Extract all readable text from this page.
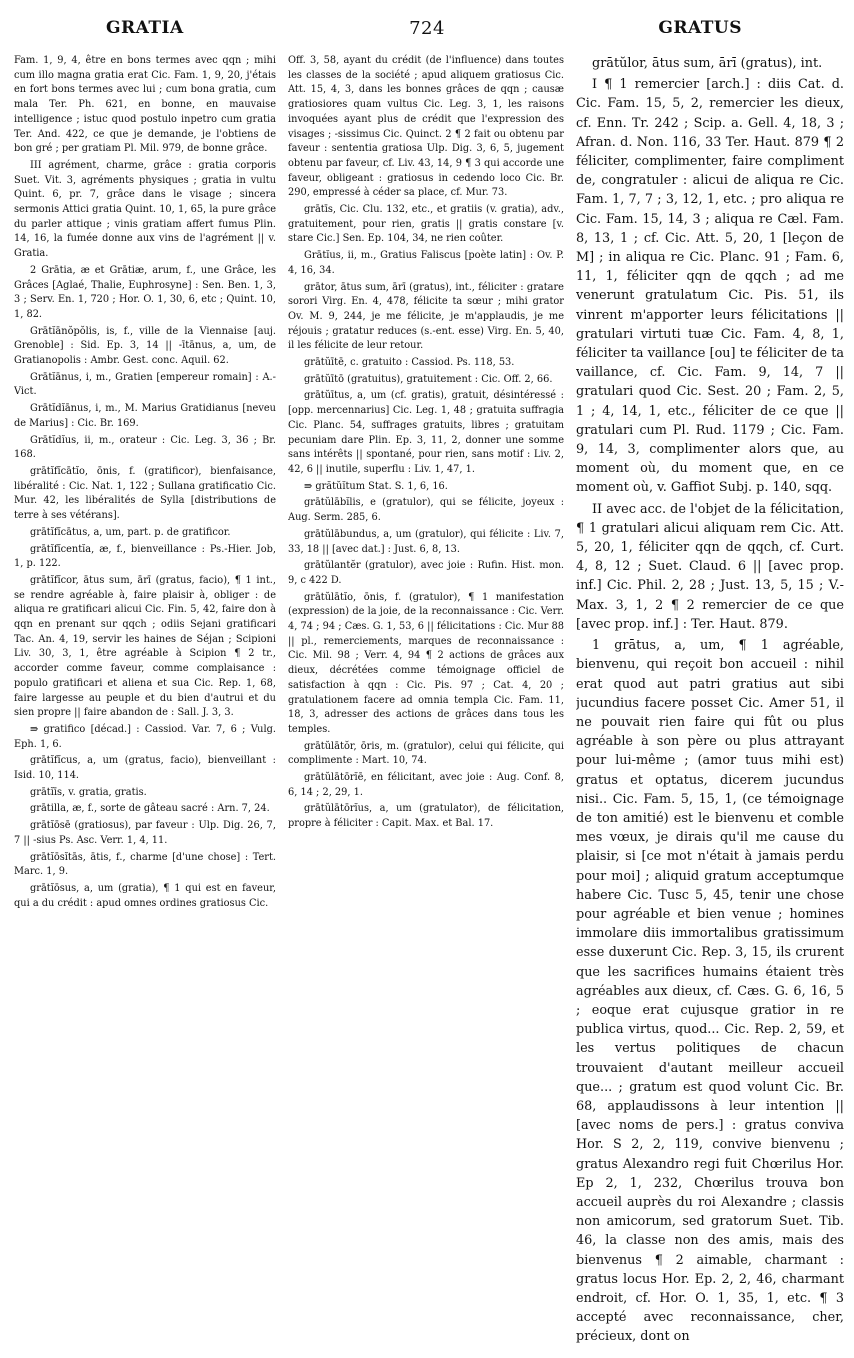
GRATIA	724	GRATUS

Fam. 1, 9, 4, être en bons termes avec qqn ; mihi cum illo magna gratia erat Cic. Fam. 1, 9, 20, j'étais en fort bons termes avec lui ; cum bona gratia, cum mala Ter. Ph. 621, en bonne, en mauvaise intelligence ; istuc quod postulo inpetro cum gratia Ter. And. 422, ce que je demande, je l'obtiens de bon gré ; per gratiam Pl. Mil. 979, de bonne grâce.

III agrément, charme, grâce : gratia corporis Suet. Vit. 3, agréments physiques ; gratia in vultu Quint. 6, pr. 7, grâce dans le visage ; sincera sermonis Attici gratia Quint. 10, 1, 65, la pure grâce du parler attique ; vinis gratiam affert fumus Plin. 14, 16, la fumée donne aux vins de l'agrément || v. Gratia.

2 Grātia, æ et Grātiæ, arum, f., une Grâce, les Grâces [Aglaé, Thalie, Euphrosyne] : Sen. Ben. 1, 3, 3 ; Serv. En. 1, 720 ; Hor. O. 1, 30, 6, etc ; Quint. 10, 1, 82.

Grātĭānŏpŏlis, is, f., ville de la Viennaise [auj. Grenoble] : Sid. Ep. 3, 14 || -ītānus, a, um, de Gratianopolis : Ambr. Gest. conc. Aquil. 62.

Grātĭānus, i, m., Gratien [empereur romain] : A.-Vict.

Grātĭdĭānus, i, m., M. Marius Gratidianus [neveu de Marius] : Cic. Br. 169.

Grātĭdĭus, ii, m., orateur : Cic. Leg. 3, 36 ; Br. 168.

grātĭfĭcātĭo, ōnis, f. (gratificor), bienfaisance, libéralité : Cic. Nat. 1, 122 ; Sullana gratificatio Cic. Mur. 42, les libéralités de Sylla [distributions de terre à ses vétérans].

grātĭfĭcātus, a, um, part. p. de gratificor.

grātĭfĭcentĭa, æ, f., bienveillance : Ps.-Hier. Job, 1, p. 122.

grātĭfĭcor, ātus sum, ārī (gratus, facio), ¶ 1 int., se rendre agréable à, faire plaisir à, obliger : de aliqua re gratificari alicui Cic. Fin. 5, 42, faire don à qqn en prenant sur qqch ; odiis Sejani gratificari Tac. An. 4, 19, servir les haines de Séjan ; Scipioni Liv. 30, 3, 1, être agréable à Scipion ¶ 2 tr., accorder comme faveur, comme complaisance : populo gratificari et aliena et sua Cic. Rep. 1, 68, faire largesse au peuple et du bien d'autrui et du sien propre || faire abandon de : Sall. J. 3, 3.

⇛ gratifico [décad.] : Cassiod. Var. 7, 6 ; Vulg. Eph. 1, 6.

grātĭfĭcus, a, um (gratus, facio), bienveillant : Isid. 10, 114.

grātĭīs, v. gratia, gratis.

grātilla, æ, f., sorte de gâteau sacré : Arn. 7, 24.

grātĭōsē (gratiosus), par faveur : Ulp. Dig. 26, 7, 7 || -sius Ps. Asc. Verr. 1, 4, 11.

grātĭōsĭtās, ātis, f., charme [d'une chose] : Tert. Marc. 1, 9.

grātĭōsus, a, um (gratia), ¶ 1 qui est en faveur, qui a du crédit : apud omnes ordines gratiosus Cic.

Off. 3, 58, ayant du crédit (de l'influence) dans toutes les classes de la société ; apud aliquem gratiosus Cic. Att. 15, 4, 3, dans les bonnes grâces de qqn ; causæ gratiosiores quam vultus Cic. Leg. 3, 1, les raisons invoquées ayant plus de crédit que l'expression des visages ; -sissimus Cic. Quinct. 2 ¶ 2 fait ou obtenu par faveur : sententia gratiosa Ulp. Dig. 3, 6, 5, jugement obtenu par faveur, cf. Liv. 43, 14, 9 ¶ 3 qui accorde une faveur, obligeant : gratiosus in cedendo loco Cic. Br. 290, empressé à céder sa place, cf. Mur. 73.

grātīs, Cic. Clu. 132, etc., et gratiis (v. gratia), adv., gratuitement, pour rien, gratis || gratis constare [v. stare Cic.] Sen. Ep. 104, 34, ne rien coûter.

Grātĭus, ii, m., Gratius Faliscus [poète latin] : Ov. P. 4, 16, 34.

grātor, ātus sum, ārī (gratus), int., féliciter : gratare sorori Virg. En. 4, 478, félicite ta sœur ; mihi grator Ov. M. 9, 244, je me félicite, je m'applaudis, je me réjouis ; gratatur reduces (s.-ent. esse) Virg. En. 5, 40, il les félicite de leur retour.

grātŭītē, c. gratuito : Cassiod. Ps. 118, 53.

grātŭītō (gratuitus), gratuitement : Cic. Off. 2, 66.

grātŭītus, a, um (cf. gratis), gratuit, désintéressé : [opp. mercennarius] Cic. Leg. 1, 48 ; gratuita suffragia Cic. Planc. 54, suffrages gratuits, libres ; gratuitam pecuniam dare Plin. Ep. 3, 11, 2, donner une somme sans intérêts || spontané, pour rien, sans motif : Liv. 2, 42, 6 || inutile, superflu : Liv. 1, 47, 1.

⇛ grătŭĭtum Stat. S. 1, 6, 16.

grātŭlābĭlis, e (gratulor), qui se félicite, joyeux : Aug. Serm. 285, 6.

grātŭlābundus, a, um (gratulor), qui félicite : Liv. 7, 33, 18 || [avec dat.] : Just. 6, 8, 13.

grātŭlantĕr (gratulor), avec joie : Rufin. Hist. mon. 9, c 422 D.

grātŭlātĭo, ōnis, f. (gratulor), ¶ 1 manifestation (expression) de la joie, de la reconnaissance : Cic. Verr. 4, 74 ; 94 ; Cæs. G. 1, 53, 6 || félicitations : Cic. Mur 88 || pl., remerciements, marques de reconnaissance : Cic. Mil. 98 ; Verr. 4, 94 ¶ 2 actions de grâces aux dieux, décrétées comme témoignage officiel de satisfaction à qqn : Cic. Pis. 97 ; Cat. 4, 20 ; gratulationem facere ad omnia templa Cic. Fam. 11, 18, 3, adresser des actions de grâces dans tous les temples.

grātŭlātŏr, ōris, m. (gratulor), celui qui félicite, qui complimente : Mart. 10, 74.

grātŭlātōrĭē, en félicitant, avec joie : Aug. Conf. 8, 6, 14 ; 2, 29, 1.

grātŭlātōrĭus, a, um (gratulator), de félicitation, propre à féliciter : Capit. Max. et Bal. 17.

grātŭlor, ātus sum, ārī (gratus), int.

I ¶ 1 remercier [arch.] : diis Cat. d. Cic. Fam. 15, 5, 2, remercier les dieux, cf. Enn. Tr. 242 ; Scip. a. Gell. 4, 18, 3 ; Afran. d. Non. 116, 33 Ter. Haut. 879 ¶ 2 féliciter, complimenter, faire compliment de, congratuler : alicui de aliqua re Cic. Fam. 1, 7, 7 ; 3, 12, 1, etc. ; pro aliqua re Cic. Fam. 15, 14, 3 ; aliqua re Cæl. Fam. 8, 13, 1 ; cf. Cic. Att. 5, 20, 1 [leçon de M] ; in aliqua re Cic. Planc. 91 ; Fam. 6, 11, 1, féliciter qqn de qqch ; ad me venerunt gratulatum Cic. Pis. 51, ils vinrent m'apporter leurs félicitations || gratulari virtuti tuæ Cic. Fam. 4, 8, 1, féliciter ta vaillance [ou] te féliciter de ta vaillance, cf. Cic. Fam. 9, 14, 7 || gratulari quod Cic. Sest. 20 ; Fam. 2, 5, 1 ; 4, 14, 1, etc., féliciter de ce que || gratulari cum Pl. Rud. 1179 ; Cic. Fam. 9, 14, 3, complimenter alors que, au moment où, du moment que, en ce moment où, v. Gaffiot Subj. p. 140, sqq.

II avec acc. de l'objet de la félicitation, ¶ 1 gratulari alicui aliquam rem Cic. Att. 5, 20, 1, féliciter qqn de qqch, cf. Curt. 4, 8, 12 ; Suet. Claud. 6 || [avec prop. inf.] Cic. Phil. 2, 28 ; Just. 13, 5, 15 ; V.-Max. 3, 1, 2 ¶ 2 remercier de ce que [avec prop. inf.] : Ter. Haut. 879.

1 grātus, a, um, ¶ 1 agréable, bienvenu, qui reçoit bon accueil : nihil erat quod aut patri gratius aut sibi jucundius facere posset Cic. Amer 51, il ne pouvait rien faire qui fût ou plus agréable à son père ou plus attrayant pour lui-même ; (amor tuus mihi est) gratus et optatus, dicerem jucundus nisi.. Cic. Fam. 5, 15, 1, (ce témoignage de ton amitié) est le bienvenu et comble mes vœux, je dirais qu'il me cause du plaisir, si [ce mot n'était à jamais perdu pour moi] ; aliquid gratum acceptumque habere Cic. Tusc 5, 45, tenir une chose pour agréable et bien venue ; homines immolare diis immortalibus gratissimum esse duxerunt Cic. Rep. 3, 15, ils crurent que les sacrifices humains étaient très agréables aux dieux, cf. Cæs. G. 6, 16, 5 ; eoque erat cujusque gratior in re publica virtus, quod... Cic. Rep. 2, 59, et les vertus politiques de chacun trouvaient d'autant meilleur accueil que... ; gratum est quod volunt Cic. Br. 68, applaudissons à leur intention || [avec noms de pers.] : gratus conviva Hor. S 2, 2, 119, convive bienvenu ; gratus Alexandro regi fuit Chœrilus Hor. Ep 2, 1, 232, Chœrilus trouva bon accueil auprès du roi Alexandre ; classis non amicorum, sed gratorum Suet. Tib. 46, la classe non des amis, mais des bienvenus ¶ 2 aimable, charmant : gratus locus Hor. Ep. 2, 2, 46, charmant endroit, cf. Hor. O. 1, 35, 1, etc. ¶ 3 accepté avec reconnaissance, cher, précieux, dont on
